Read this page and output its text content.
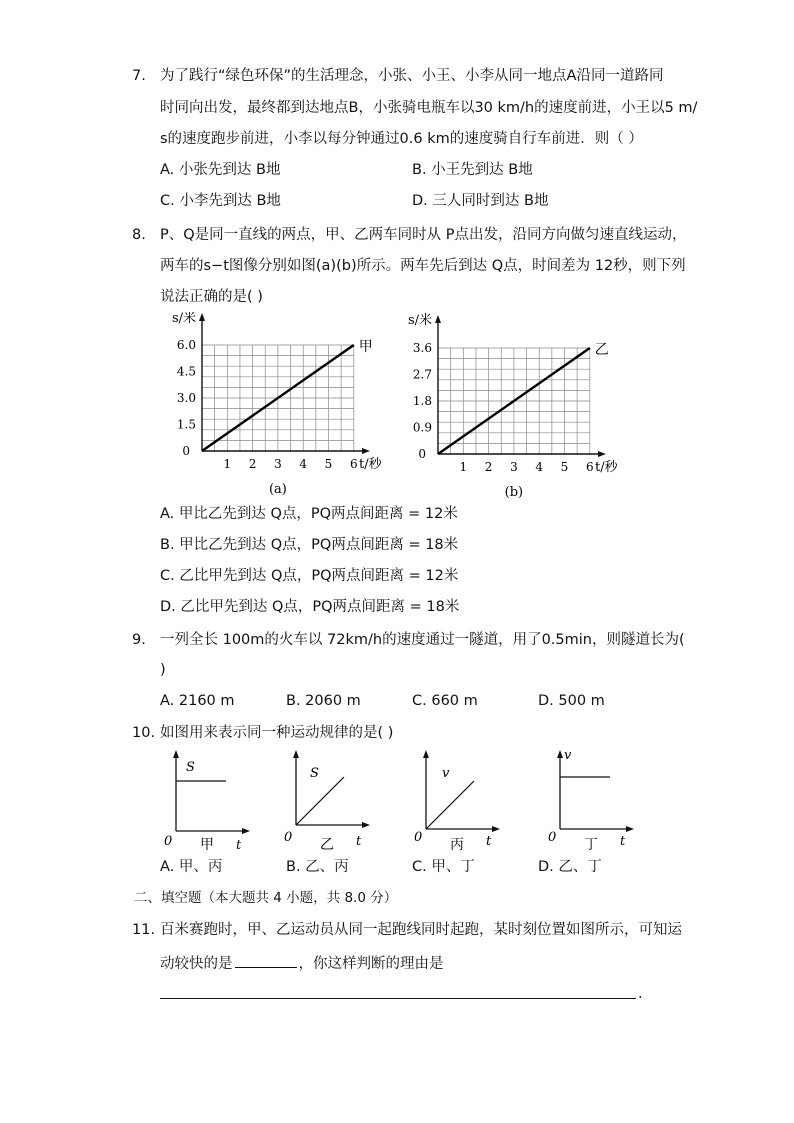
7. 为了践行“绿色环保”的生活理念，小张、小王、小李从同一地点A沿同一道路同
时同向出发，最终都到达地点B，小张骑电瓶车以30 km/h的速度前进，小王以5 m/
s的速度跑步前进，小李以每分钟通过0.6 km的速度骑自行车前进．则（ ）
A. 小张先到达 B地	B. 小王先到达 B地
C. 小李先到达 B地	D. 三人同时到达 B地
8. P、Q是同一直线的两点，甲、乙两车同时从 P点出发，沿同方向做匀速直线运动，
两车的s−t图像分别如图(a)(b)所示。两车先后到达 Q点，时间差为 12秒，则下列
说法正确的是( )
1 2 3 4 5 6
1.5
3.0
4.5
6.0
0
s/米
t/秒
甲
(a)
1 2 3 4 5 6
0.9
1.8
2.7
3.6
0
s/米
t/秒
乙
(b)
A. 甲比乙先到达 Q点，PQ两点间距离 = 12米
B. 甲比乙先到达 Q点，PQ两点间距离 = 18米
C. 乙比甲先到达 Q点，PQ两点间距离 = 12米
D. 乙比甲先到达 Q点，PQ两点间距离 = 18米
9. 一列全长 100m的火车以 72km/h的速度通过一隧道，用了0.5min，则隧道长为(
)
A. 2160 m	B. 2060 m	C. 660 m	D. 500 m
10. 如图用来表示同一种运动规律的是( )
S
0	t
甲
S
0	t
乙
v
0	t
丙
v
0	t
丁
A. 甲、丙	B. 乙、丙	C. 甲、丁	D. 乙、丁
二、填空题（本大题共 4 小题，共 8.0 分）
11. 百米赛跑时，甲、乙运动员从同一起跑线同时起跑，某时刻位置如图所示，可知运
动较快的是	，你这样判断的理由是
.
